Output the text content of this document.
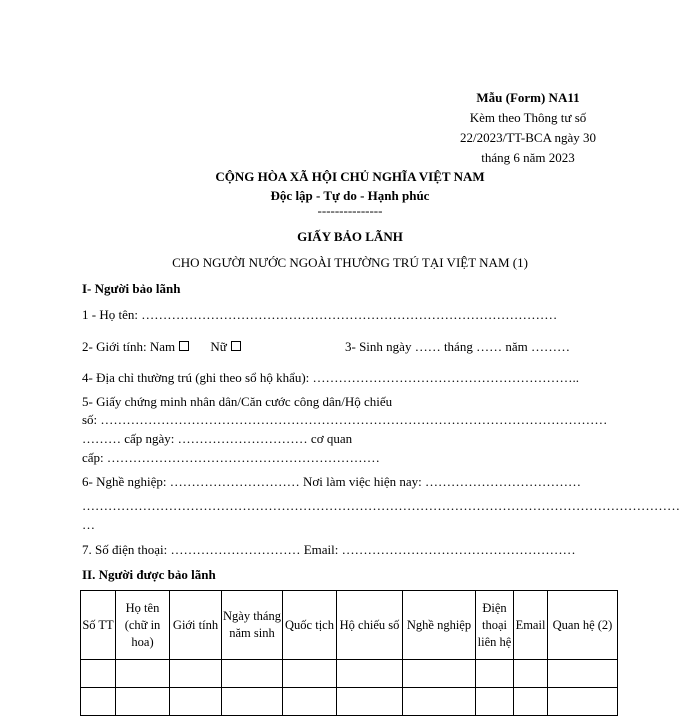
Mẫu (Form) NA11
Kèm theo Thông tư số
22/2023/TT-BCA ngày 30
tháng 6 năm 2023
CỘNG HÒA XÃ HỘI CHỦ NGHĨA VIỆT NAM
Độc lập - Tự do - Hạnh phúc
---------------
GIẤY BẢO LÃNH
CHO NGƯỜI NƯỚC NGOÀI THƯỜNG TRÚ TẠI VIỆT NAM (1)
I- Người bảo lãnh
1 - Họ tên: ……………………………………………………………………………………
2- Giới tính: Nam	Nữ	3- Sinh ngày …… tháng …… năm ………
4- Địa chỉ thường trú (ghi theo sổ hộ khẩu): ……………………………………………………..
5- Giấy chứng minh nhân dân/Căn cước công dân/Hộ chiếu
số: ………………………………………………………………………………………………………
……… cấp ngày: ………………………… cơ quan
cấp: ………………………………………………………
6- Nghề nghiệp: ………………………… Nơi làm việc hiện nay: ………………………………
…………………………………………………………………………………………………………………………
…
7. Số điện thoại: ………………………… Email: ………………………………………………
II. Người được bảo lãnh
Số TT	Họ tên (chữ in hoa)	Giới tính	Ngày tháng năm sinh	Quốc tịch	Hộ chiếu số	Nghề nghiệp	Điện thoại liên hệ	Email	Quan hệ (2)
